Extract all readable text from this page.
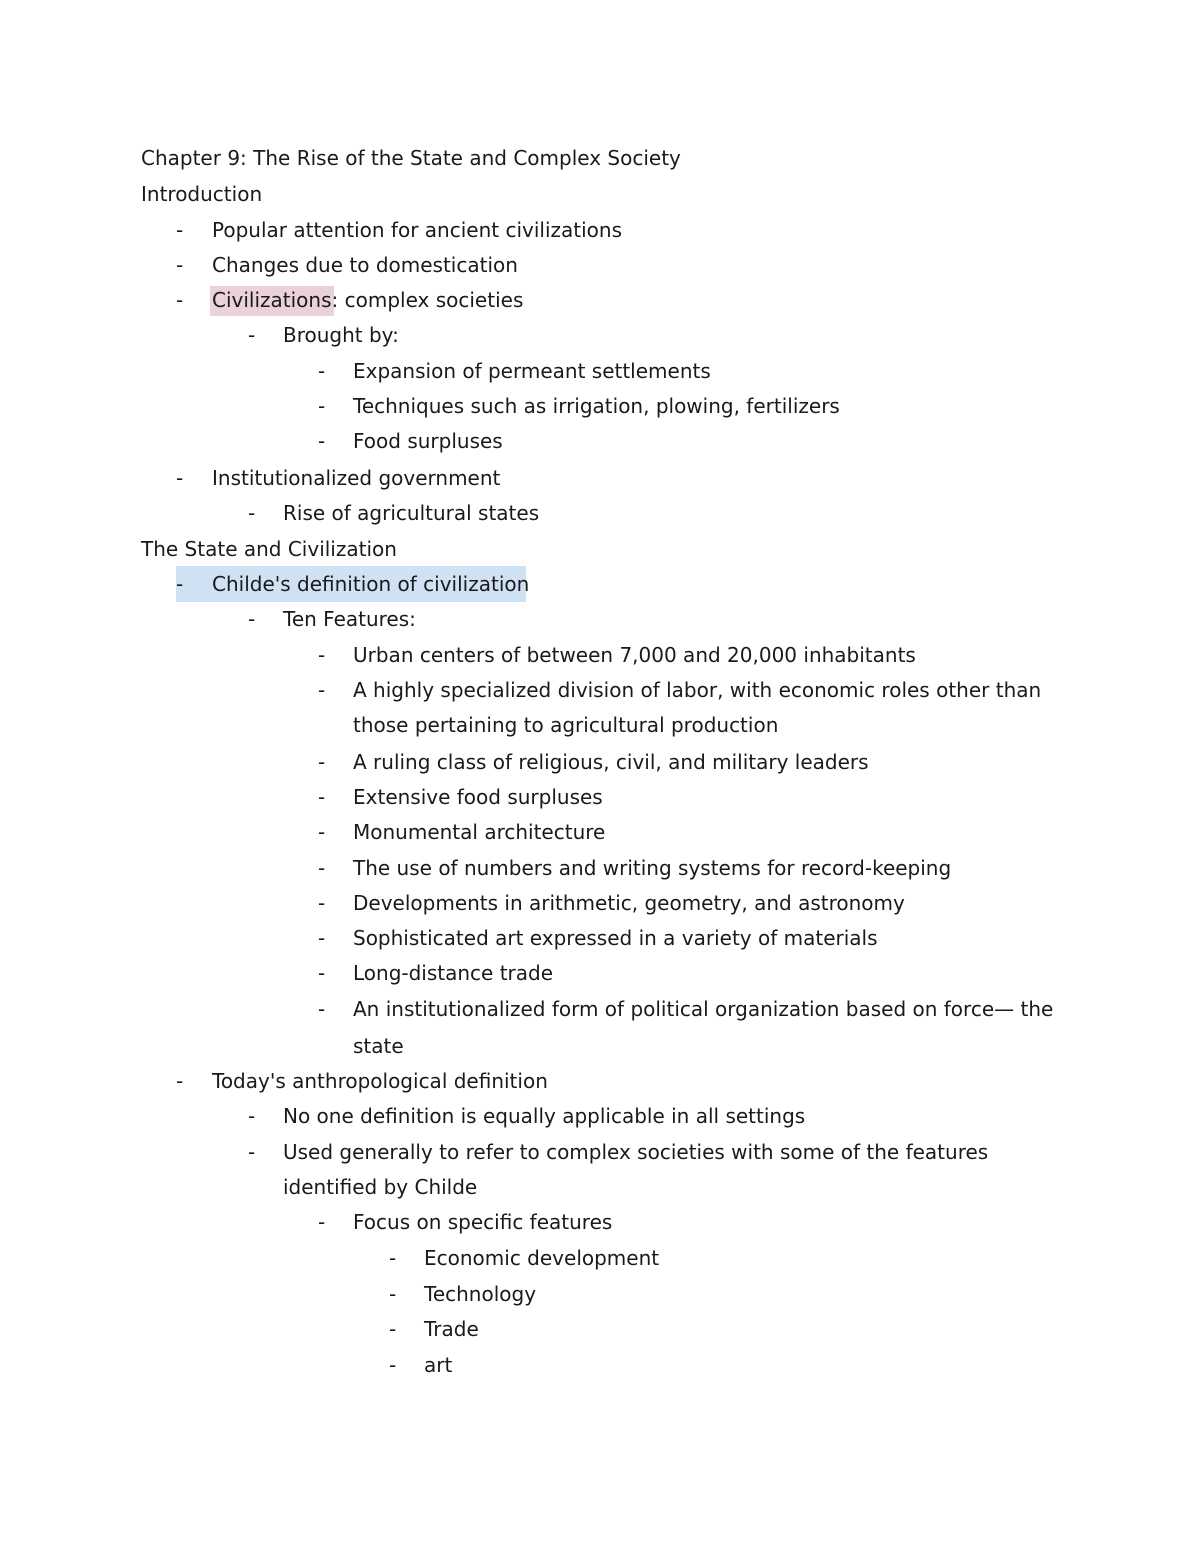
Chapter 9: The Rise of the State and Complex Society
Introduction
- Popular attention for ancient civilizations
- Changes due to domestication
- Civilizations: complex societies
- Brought by:
- Expansion of permeant settlements
- Techniques such as irrigation, plowing, fertilizers
- Food surpluses
- Institutionalized government
- Rise of agricultural states
The State and Civilization
- Childe's definition of civilization
- Ten Features:
- Urban centers of between 7,000 and 20,000 inhabitants
- A highly specialized division of labor, with economic roles other than
those pertaining to agricultural production
- A ruling class of religious, civil, and military leaders
- Extensive food surpluses
- Monumental architecture
- The use of numbers and writing systems for record-keeping
- Developments in arithmetic, geometry, and astronomy
- Sophisticated art expressed in a variety of materials
- Long-distance trade
- An institutionalized form of political organization based on force— the
state
- Today's anthropological definition
- No one definition is equally applicable in all settings
- Used generally to refer to complex societies with some of the features
identified by Childe
- Focus on specific features
- Economic development
- Technology
- Trade
- art
